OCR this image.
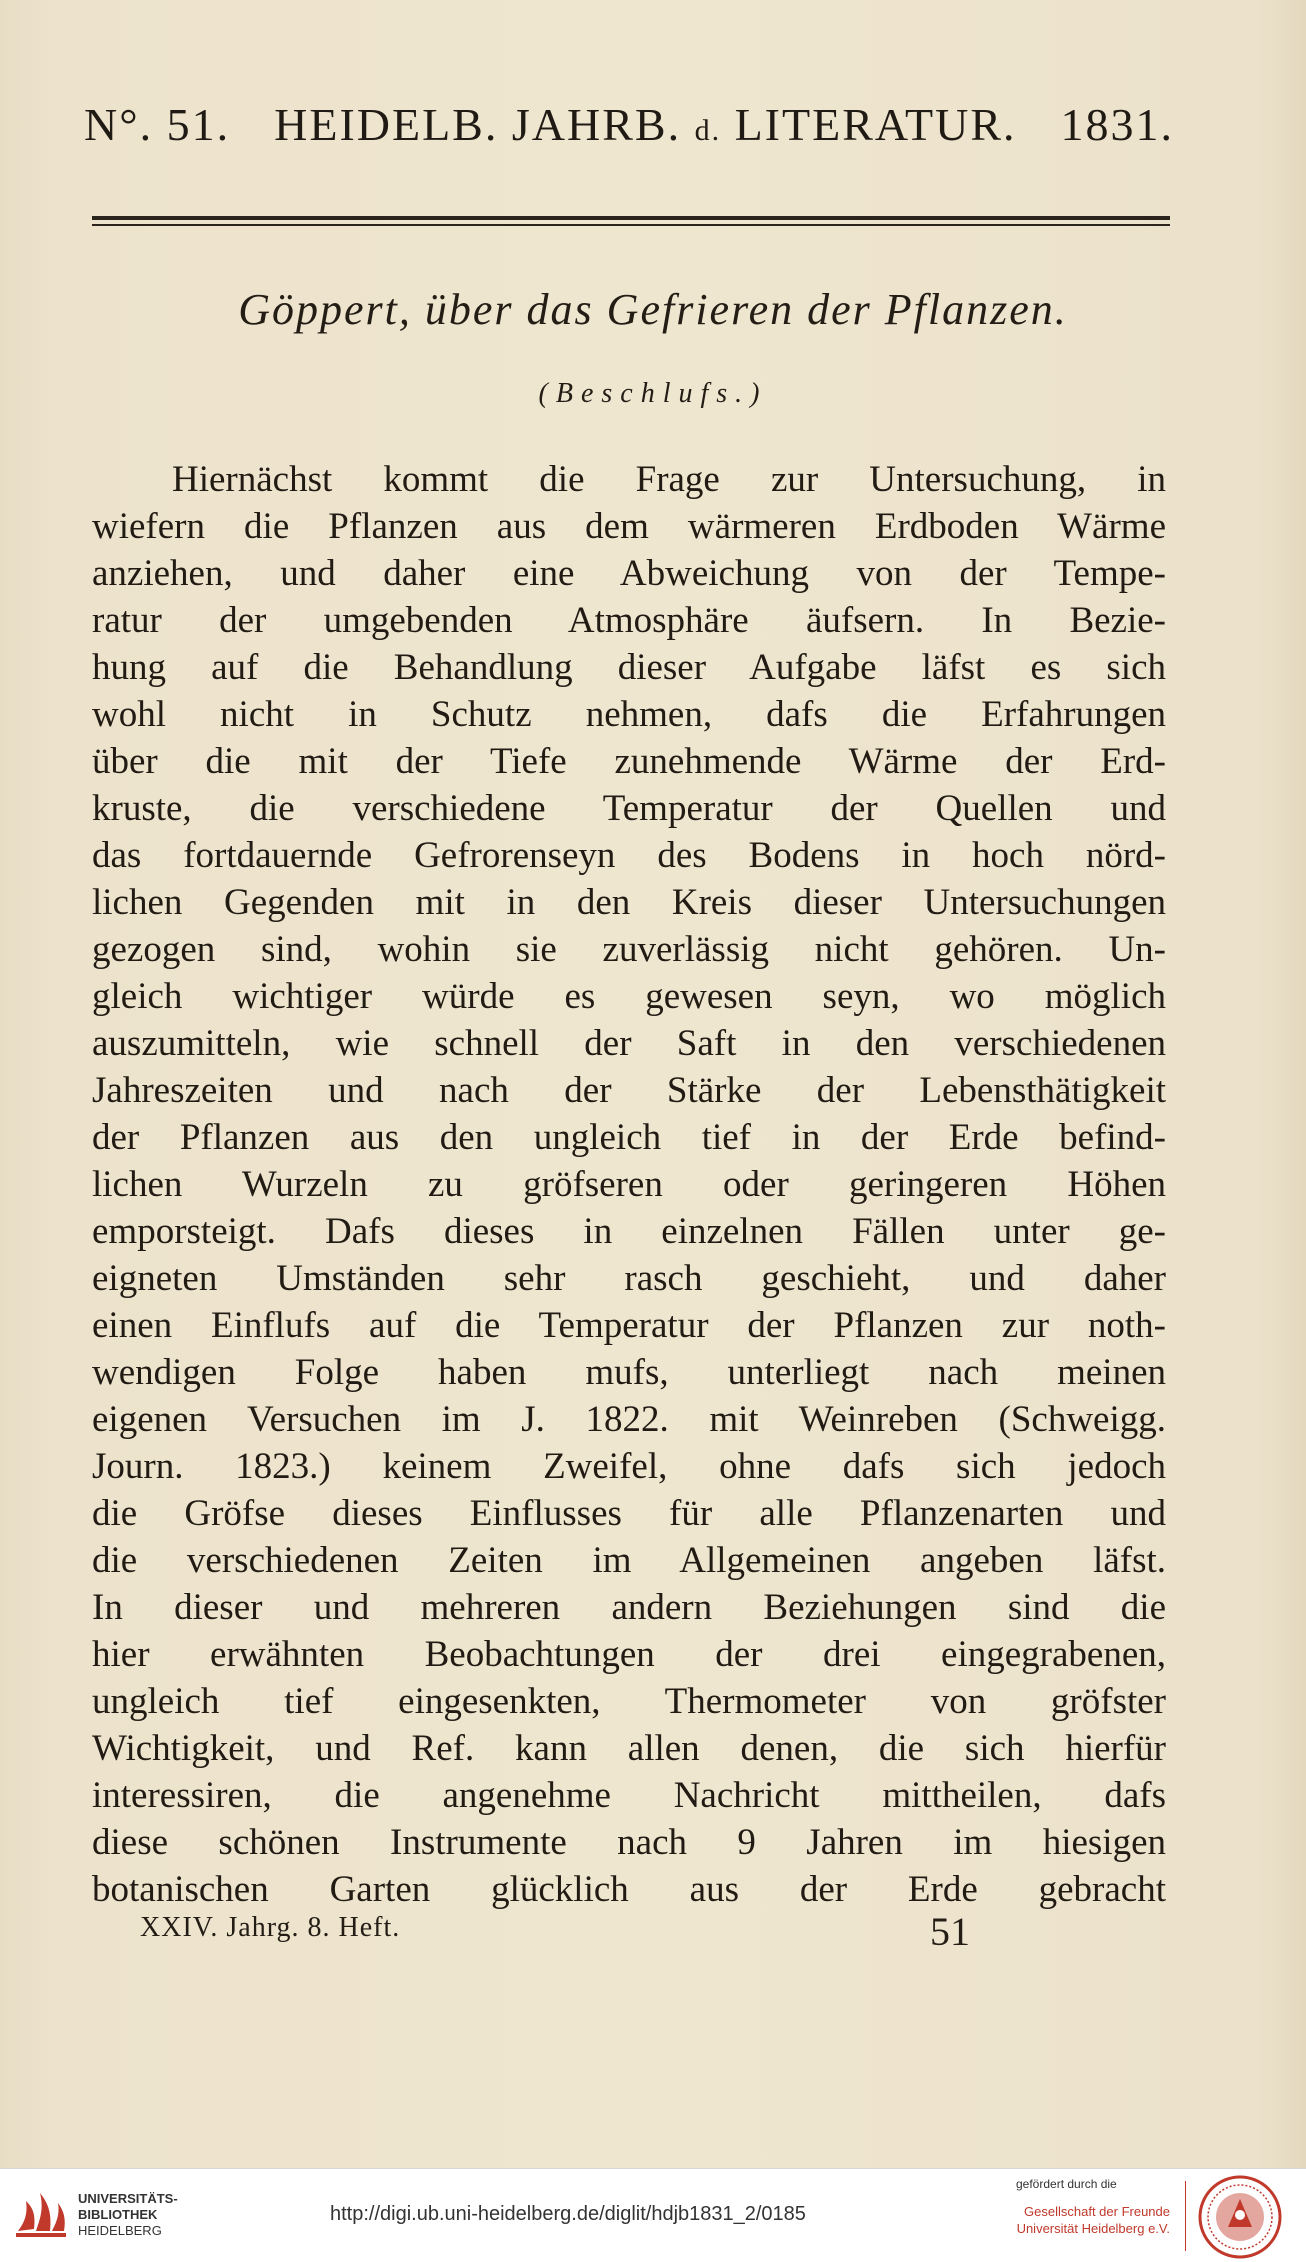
N°. 51. HEIDELB. JAHRB. d. LITERATUR. 1831.
Göppert, über das Gefrieren der Pflanzen.
(Beschlufs.)
Hiernächst kommt die Frage zur Untersuchung, in
wiefern die Pflanzen aus dem wärmeren Erdboden Wärme
anziehen, und daher eine Abweichung von der Tempe-
ratur der umgebenden Atmosphäre äufsern. In Bezie-
hung auf die Behandlung dieser Aufgabe läfst es sich
wohl nicht in Schutz nehmen, dafs die Erfahrungen
über die mit der Tiefe zunehmende Wärme der Erd-
kruste, die verschiedene Temperatur der Quellen und
das fortdauernde Gefrorenseyn des Bodens in hoch nörd-
lichen Gegenden mit in den Kreis dieser Untersuchungen
gezogen sind, wohin sie zuverlässig nicht gehören. Un-
gleich wichtiger würde es gewesen seyn, wo möglich
auszumitteln, wie schnell der Saft in den verschiedenen
Jahreszeiten und nach der Stärke der Lebensthätigkeit
der Pflanzen aus den ungleich tief in der Erde befind-
lichen Wurzeln zu gröfseren oder geringeren Höhen
emporsteigt. Dafs dieses in einzelnen Fällen unter ge-
eigneten Umständen sehr rasch geschieht, und daher
einen Einflufs auf die Temperatur der Pflanzen zur noth-
wendigen Folge haben mufs, unterliegt nach meinen
eigenen Versuchen im J. 1822. mit Weinreben (Schweigg.
Journ. 1823.) keinem Zweifel, ohne dafs sich jedoch
die Gröfse dieses Einflusses für alle Pflanzenarten und
die verschiedenen Zeiten im Allgemeinen angeben läfst.
In dieser und mehreren andern Beziehungen sind die
hier erwähnten Beobachtungen der drei eingegrabenen,
ungleich tief eingesenkten, Thermometer von gröfster
Wichtigkeit, und Ref. kann allen denen, die sich hierfür
interessiren, die angenehme Nachricht mittheilen, dafs
diese schönen Instrumente nach 9 Jahren im hiesigen
botanischen Garten glücklich aus der Erde gebracht
XXIV. Jahrg. 8. Heft.	51
UNIVERSITÄTS-
BIBLIOTHEK
HEIDELBERG
http://digi.ub.uni-heidelberg.de/diglit/hdjb1831_2/0185
gefördert durch die
Gesellschaft der Freunde
Universität Heidelberg e.V.
